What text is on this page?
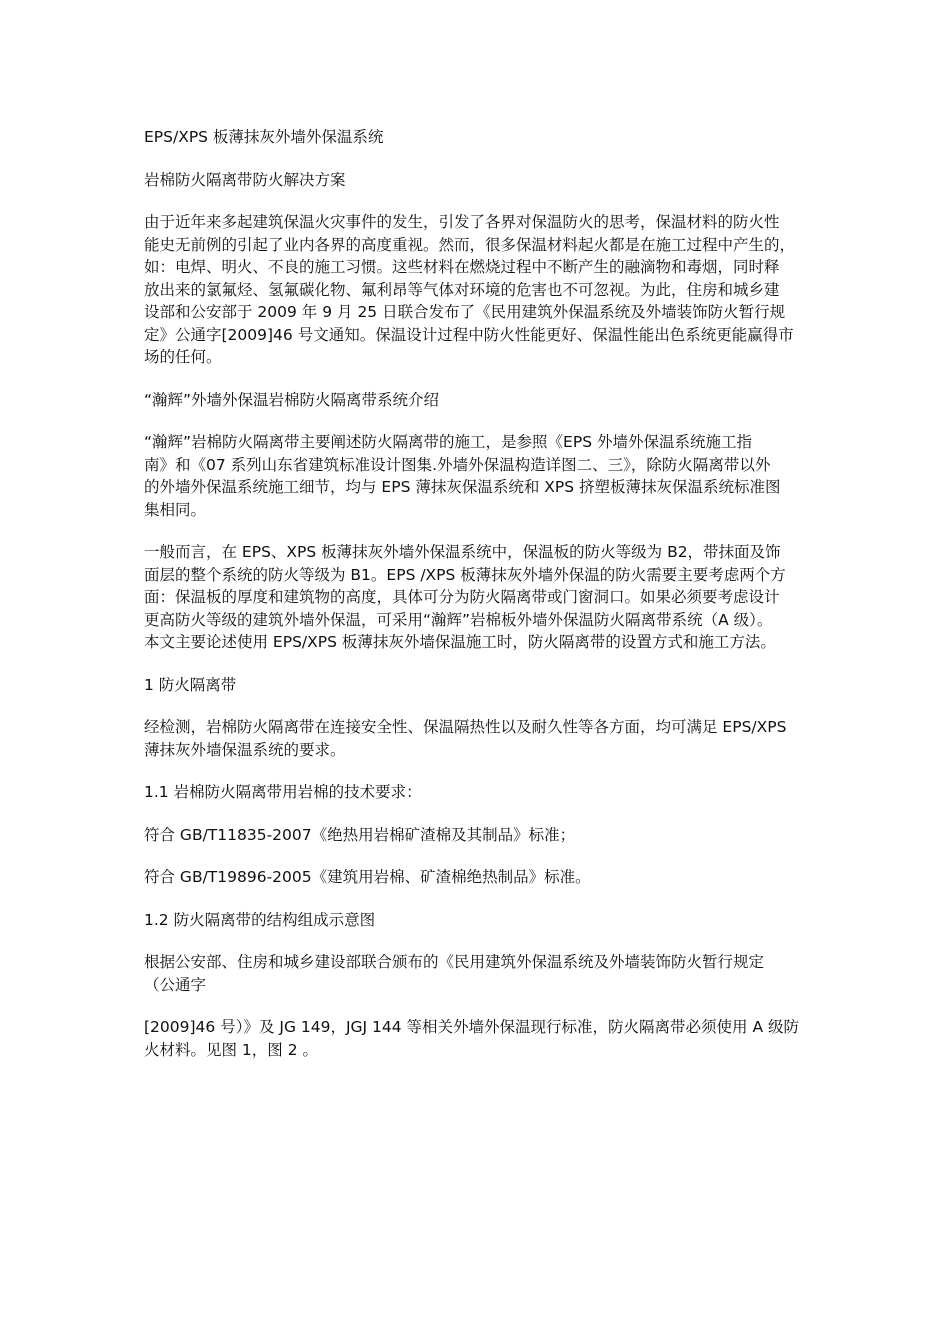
EPS/XPS 板薄抹灰外墙外保温系统

岩棉防火隔离带防火解决方案

由于近年来多起建筑保温火灾事件的发生，引发了各界对保温防火的思考，保温材料的防火性
能史无前例的引起了业内各界的高度重视。然而，很多保温材料起火都是在施工过程中产生的，
如：电焊、明火、不良的施工习惯。这些材料在燃烧过程中不断产生的融滴物和毒烟，同时释
放出来的氯氟烃、氢氟碳化物、氟利昂等气体对环境的危害也不可忽视。为此，住房和城乡建
设部和公安部于 2009 年 9 月 25 日联合发布了《民用建筑外保温系统及外墙装饰防火暂行规
定》公通字[2009]46 号文通知。保温设计过程中防火性能更好、保温性能出色系统更能赢得市
场的任何。

“瀚辉”外墙外保温岩棉防火隔离带系统介绍

“瀚辉”岩棉防火隔离带主要阐述防火隔离带的施工，是参照《EPS 外墙外保温系统施工指
南》和《07 系列山东省建筑标准设计图集.外墙外保温构造详图二、三》，除防火隔离带以外
的外墙外保温系统施工细节，均与 EPS 薄抹灰保温系统和 XPS 挤塑板薄抹灰保温系统标准图
集相同。

一般而言，在 EPS、XPS 板薄抹灰外墙外保温系统中，保温板的防火等级为 B2，带抹面及饰
面层的整个系统的防火等级为 B1。EPS /XPS 板薄抹灰外墙外保温的防火需要主要考虑两个方
面：保温板的厚度和建筑物的高度，具体可分为防火隔离带或门窗洞口。如果必须要考虑设计
更高防火等级的建筑外墙外保温，可采用“瀚辉”岩棉板外墙外保温防火隔离带系统（A 级）。
本文主要论述使用 EPS/XPS 板薄抹灰外墙保温施工时，防火隔离带的设置方式和施工方法。

1 防火隔离带

经检测，岩棉防火隔离带在连接安全性、保温隔热性以及耐久性等各方面，均可满足 EPS/XPS
薄抹灰外墙保温系统的要求。

1.1 岩棉防火隔离带用岩棉的技术要求：

符合 GB/T11835-2007《绝热用岩棉矿渣棉及其制品》标准；

符合 GB/T19896-2005《建筑用岩棉、矿渣棉绝热制品》标准。

1.2 防火隔离带的结构组成示意图

根据公安部、住房和城乡建设部联合颁布的《民用建筑外保温系统及外墙装饰防火暂行规定
（公通字

[2009]46 号）》及 JG 149，JGJ 144 等相关外墙外保温现行标准，防火隔离带必须使用 A 级防
火材料。见图 1，图 2 。
